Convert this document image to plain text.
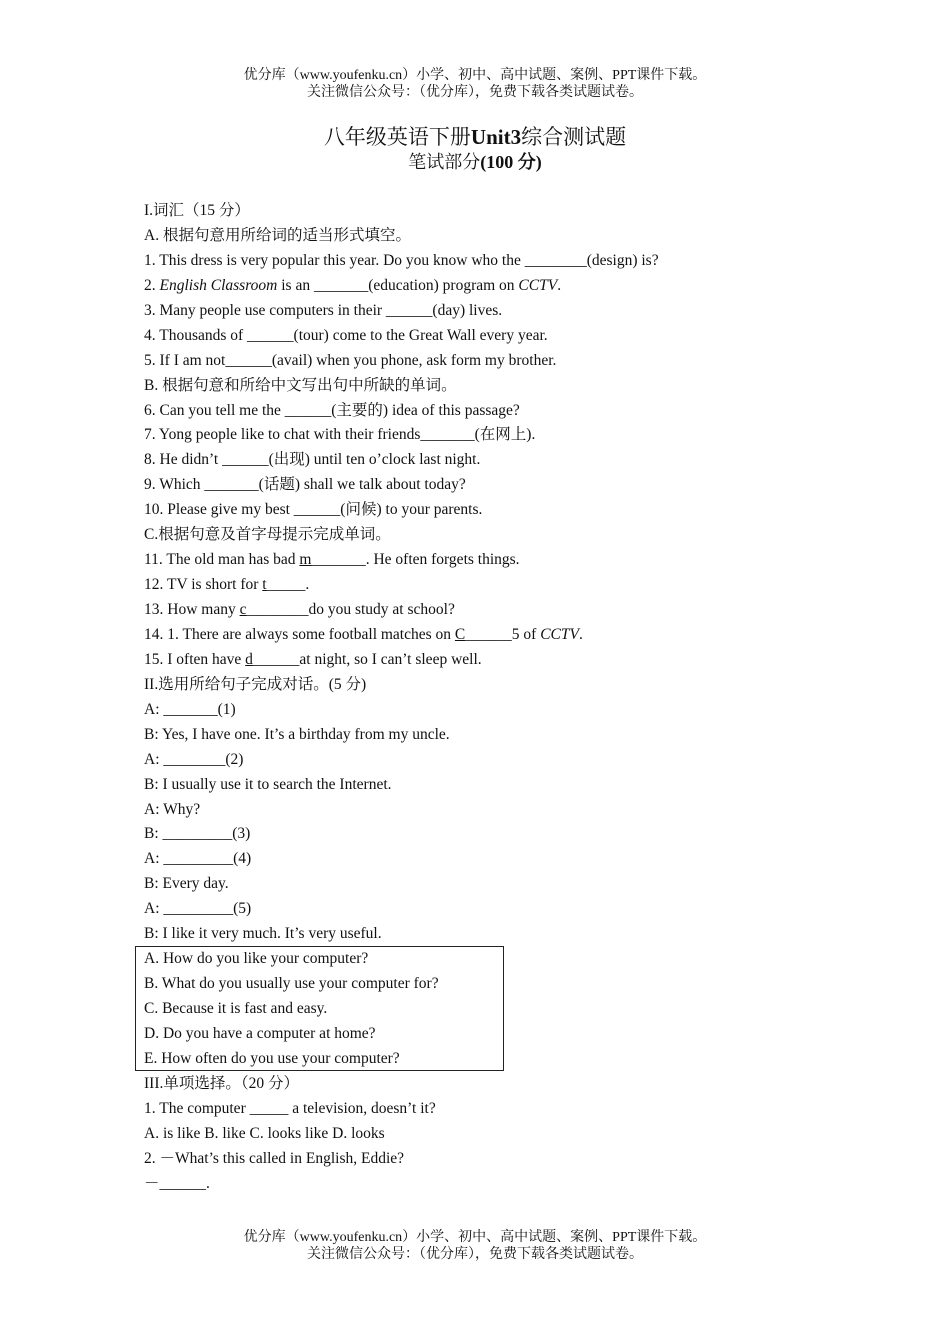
优分库（www.youfenku.cn）小学、初中、高中试题、案例、PPT课件下载。
关注微信公众号：（优分库），免费下载各类试题试卷。
八年级英语下册Unit3综合测试题
笔试部分(100 分)
I.词汇（15 分）
A. 根据句意用所给词的适当形式填空。
1. This dress is very popular this year. Do you know who the ________(design) is?
2. English Classroom is an _______(education) program on CCTV.
3. Many people use computers in their ______(day) lives.
4. Thousands of ______(tour) come to the Great Wall every year.
5. If I am not______(avail) when you phone, ask form my brother.
B. 根据句意和所给中文写出句中所缺的单词。
6. Can you tell me the ______(主要的) idea of this passage?
7. Yong people like to chat with their friends_______(在网上).
8. He didn’t ______(出现) until ten o’clock last night.
9. Which _______(话题) shall we talk about today?
10. Please give my best ______(问候) to your parents.
C.根据句意及首字母提示完成单词。
11. The old man has bad m_______. He often forgets things.
12. TV is short for t_____.
13. How many c________do you study at school?
14. 1. There are always some football matches on C______5 of CCTV.
15. I often have d______at night, so I can’t sleep well.
II.选用所给句子完成对话。(5 分)
A: _______(1)
B: Yes, I have one. It’s a birthday from my uncle.
A: ________(2)
B: I usually use it to search the Internet.
A: Why?
B: _________(3)
A: _________(4)
B: Every day.
A: _________(5)
B: I like it very much. It’s very useful.
A. How do you like your computer?
B. What do you usually use your computer for?
C. Because it is fast and easy.
D. Do you have a computer at home?
E. How often do you use your computer?
III.单项选择。（20 分）
1. The computer _____ a television, doesn’t it?
A. is like B. like C. looks like D. looks
2. －What’s this called in English, Eddie?
－______.
优分库（www.youfenku.cn）小学、初中、高中试题、案例、PPT课件下载。
关注微信公众号：（优分库），免费下载各类试题试卷。
